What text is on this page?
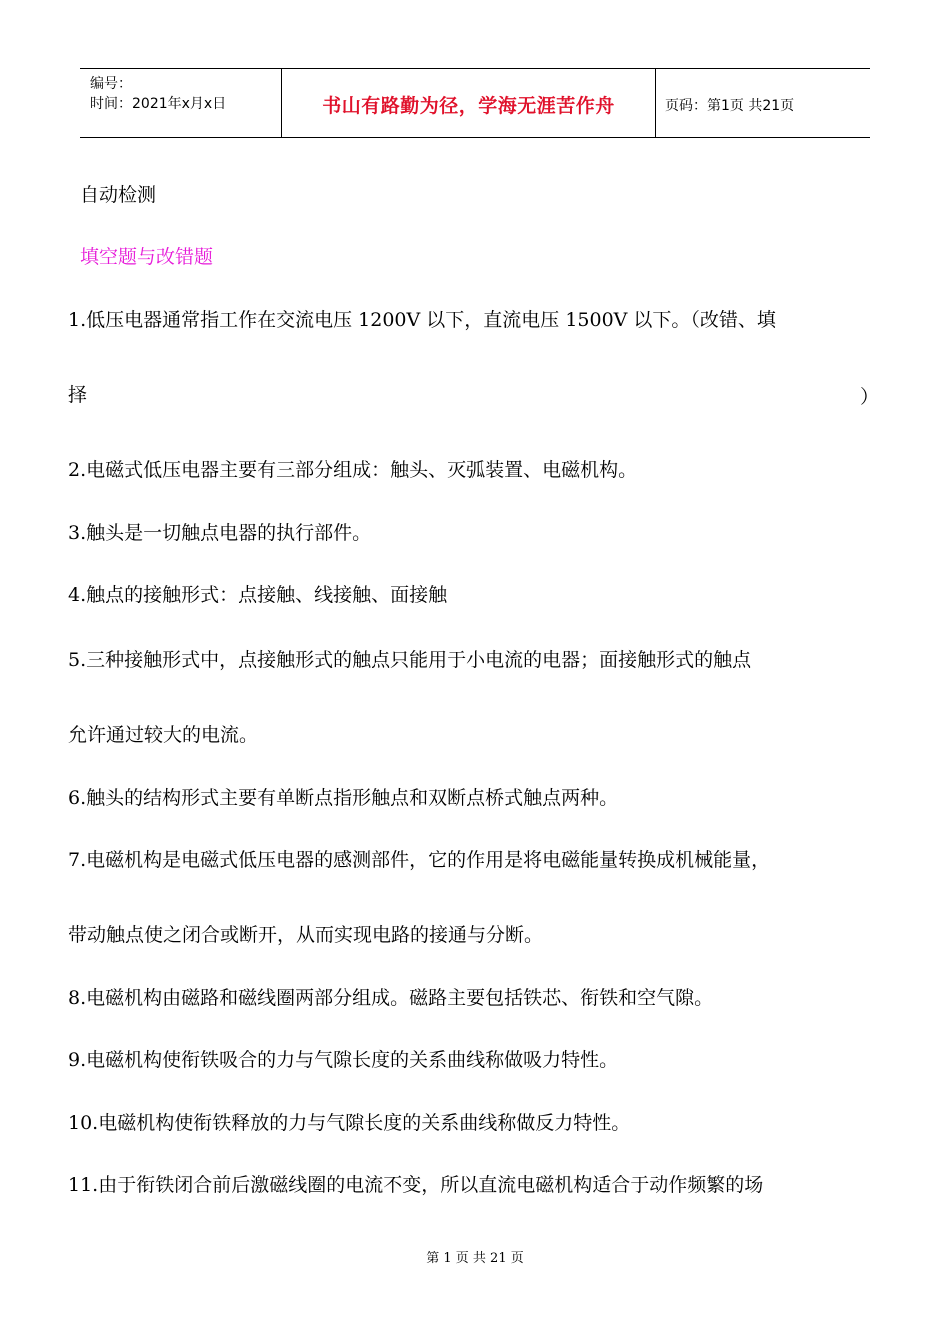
编号：
时间：2021年x月x日	书山有路勤为径，学海无涯苦作舟	页码：第1页 共21页
自动检测
填空题与改错题
1.低压电器通常指工作在交流电压 1200V 以下，直流电压 1500V 以下。（改错、填
择	）
2.电磁式低压电器主要有三部分组成：触头、灭弧装置、电磁机构。
3.触头是一切触点电器的执行部件。
4.触点的接触形式：点接触、线接触、面接触
5.三种接触形式中，点接触形式的触点只能用于小电流的电器；面接触形式的触点
允许通过较大的电流。
6.触头的结构形式主要有单断点指形触点和双断点桥式触点两种。
7.电磁机构是电磁式低压电器的感测部件，它的作用是将电磁能量转换成机械能量，
带动触点使之闭合或断开，从而实现电路的接通与分断。
8.电磁机构由磁路和磁线圈两部分组成。磁路主要包括铁芯、衔铁和空气隙。
9.电磁机构使衔铁吸合的力与气隙长度的关系曲线称做吸力特性。
10.电磁机构使衔铁释放的力与气隙长度的关系曲线称做反力特性。
11.由于衔铁闭合前后激磁线圈的电流不变，所以直流电磁机构适合于动作频繁的场
第 1 页 共 21 页
